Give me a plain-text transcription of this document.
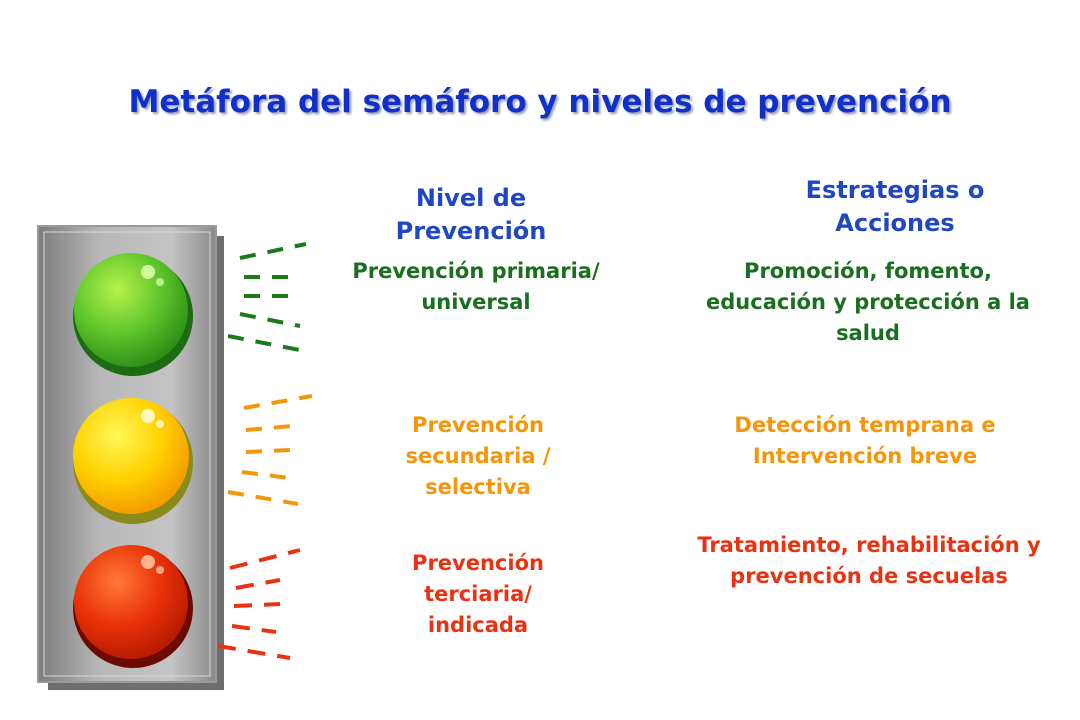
Metáfora del semáforo y niveles de prevención
Nivel de Prevención
Estrategias o Acciones
Prevención primaria/ universal
Prevención secundaria / selectiva
Prevención terciaria/ indicada
Promoción, fomento, educación y protección a la salud
Detección temprana e Intervención breve
Tratamiento, rehabilitación y prevención de secuelas
